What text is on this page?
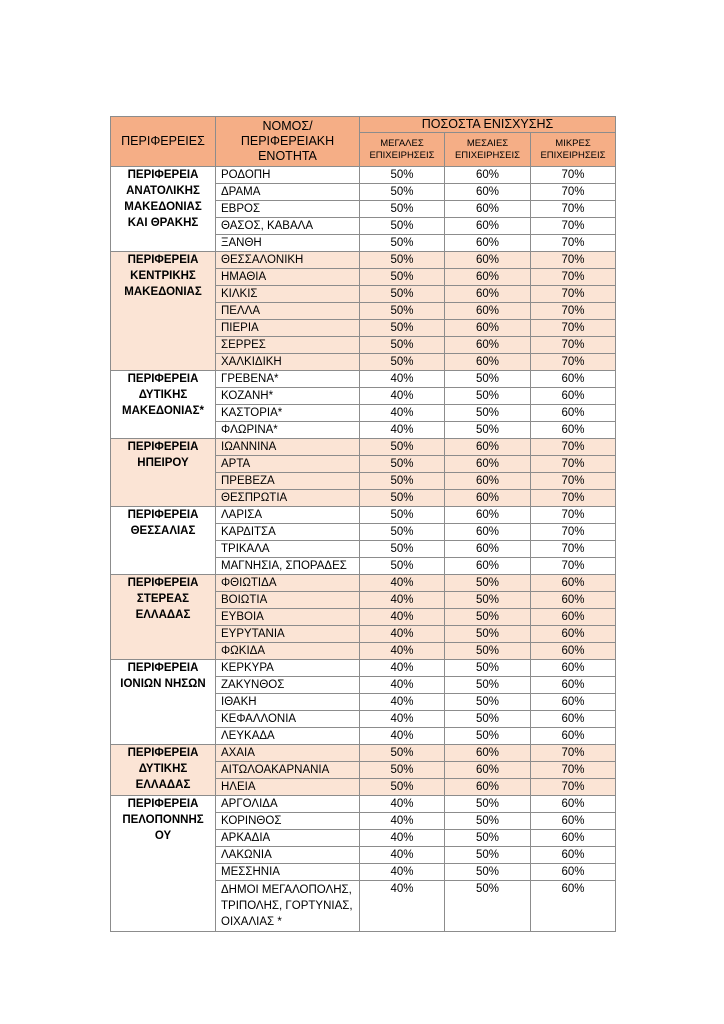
ΠΕΡΙΦΕΡΕΙΕΣ	ΝΟΜΟΣ/
ΠΕΡΙΦΕΡΕΙΑΚΗ
ΕΝΟΤΗΤΑ	ΠΟΣΟΣΤΑ ΕΝΙΣΧΥΣΗΣ		
		ΜΕΓΑΛΕΣ
ΕΠΙΧΕΙΡΗΣΕΙΣ	ΜΕΣΑΙΕΣ
ΕΠΙΧΕΙΡΗΣΕΙΣ	ΜΙΚΡΕΣ
ΕΠΙΧΕΙΡΗΣΕΙΣ
ΠΕΡΙΦΕΡΕΙΑ
ΑΝΑΤΟΛΙΚΗΣ
ΜΑΚΕΔΟΝΙΑΣ
ΚΑΙ ΘΡΑΚΗΣ	ΡΟΔΟΠΗ	50%	60%	70%
	ΔΡΑΜΑ	50%	60%	70%
	ΕΒΡΟΣ	50%	60%	70%
	ΘΑΣΟΣ, ΚΑΒΑΛΑ	50%	60%	70%
	ΞΑΝΘΗ	50%	60%	70%
ΠΕΡΙΦΕΡΕΙΑ
ΚΕΝΤΡΙΚΗΣ
ΜΑΚΕΔΟΝΙΑΣ	ΘΕΣΣΑΛΟΝΙΚΗ	50%	60%	70%
	ΗΜΑΘΙΑ	50%	60%	70%
	ΚΙΛΚΙΣ	50%	60%	70%
	ΠΕΛΛΑ	50%	60%	70%
	ΠΙΕΡΙΑ	50%	60%	70%
	ΣΕΡΡΕΣ	50%	60%	70%
	ΧΑΛΚΙΔΙΚΗ	50%	60%	70%
ΠΕΡΙΦΕΡΕΙΑ
ΔΥΤΙΚΗΣ
ΜΑΚΕΔΟΝΙΑΣ*	ΓΡΕΒΕΝΑ*	40%	50%	60%
	ΚΟΖΑΝΗ*	40%	50%	60%
	ΚΑΣΤΟΡΙΑ*	40%	50%	60%
	ΦΛΩΡΙΝΑ*	40%	50%	60%
ΠΕΡΙΦΕΡΕΙΑ
ΗΠΕΙΡΟΥ	ΙΩΑΝΝΙΝΑ	50%	60%	70%
	ΑΡΤΑ	50%	60%	70%
	ΠΡΕΒΕΖΑ	50%	60%	70%
	ΘΕΣΠΡΩΤΙΑ	50%	60%	70%
ΠΕΡΙΦΕΡΕΙΑ
ΘΕΣΣΑΛΙΑΣ	ΛΑΡΙΣΑ	50%	60%	70%
	ΚΑΡΔΙΤΣΑ	50%	60%	70%
	ΤΡΙΚΑΛΑ	50%	60%	70%
	ΜΑΓΝΗΣΙΑ, ΣΠΟΡΑΔΕΣ	50%	60%	70%
ΠΕΡΙΦΕΡΕΙΑ
ΣΤΕΡΕΑΣ
ΕΛΛΑΔΑΣ	ΦΘΙΩΤΙΔΑ	40%	50%	60%
	ΒΟΙΩΤΙΑ	40%	50%	60%
	ΕΥΒΟΙΑ	40%	50%	60%
	ΕΥΡΥΤΑΝΙΑ	40%	50%	60%
	ΦΩΚΙΔΑ	40%	50%	60%
ΠΕΡΙΦΕΡΕΙΑ
ΙΟΝΙΩΝ ΝΗΣΩΝ	ΚΕΡΚΥΡΑ	40%	50%	60%
	ΖΑΚΥΝΘΟΣ	40%	50%	60%
	ΙΘΑΚΗ	40%	50%	60%
	ΚΕΦΑΛΛΟΝΙΑ	40%	50%	60%
	ΛΕΥΚΑΔΑ	40%	50%	60%
ΠΕΡΙΦΕΡΕΙΑ
ΔΥΤΙΚΗΣ
ΕΛΛΑΔΑΣ	ΑΧΑΙΑ	50%	60%	70%
	ΑΙΤΩΛΟΑΚΑΡΝΑΝΙΑ	50%	60%	70%
	ΗΛΕΙΑ	50%	60%	70%
ΠΕΡΙΦΕΡΕΙΑ
ΠΕΛΟΠΟΝΝΗΣ
ΟΥ	ΑΡΓΟΛΙΔΑ	40%	50%	60%
	ΚΟΡΙΝΘΟΣ	40%	50%	60%
	ΑΡΚΑΔΙΑ	40%	50%	60%
	ΛΑΚΩΝΙΑ	40%	50%	60%
	ΜΕΣΣΗΝΙΑ	40%	50%	60%
	ΔΗΜΟΙ ΜΕΓΑΛΟΠΟΛΗΣ,
ΤΡΙΠΟΛΗΣ, ΓΟΡΤΥΝΙΑΣ,
ΟΙΧΑΛΙΑΣ *	40%	50%	60%
